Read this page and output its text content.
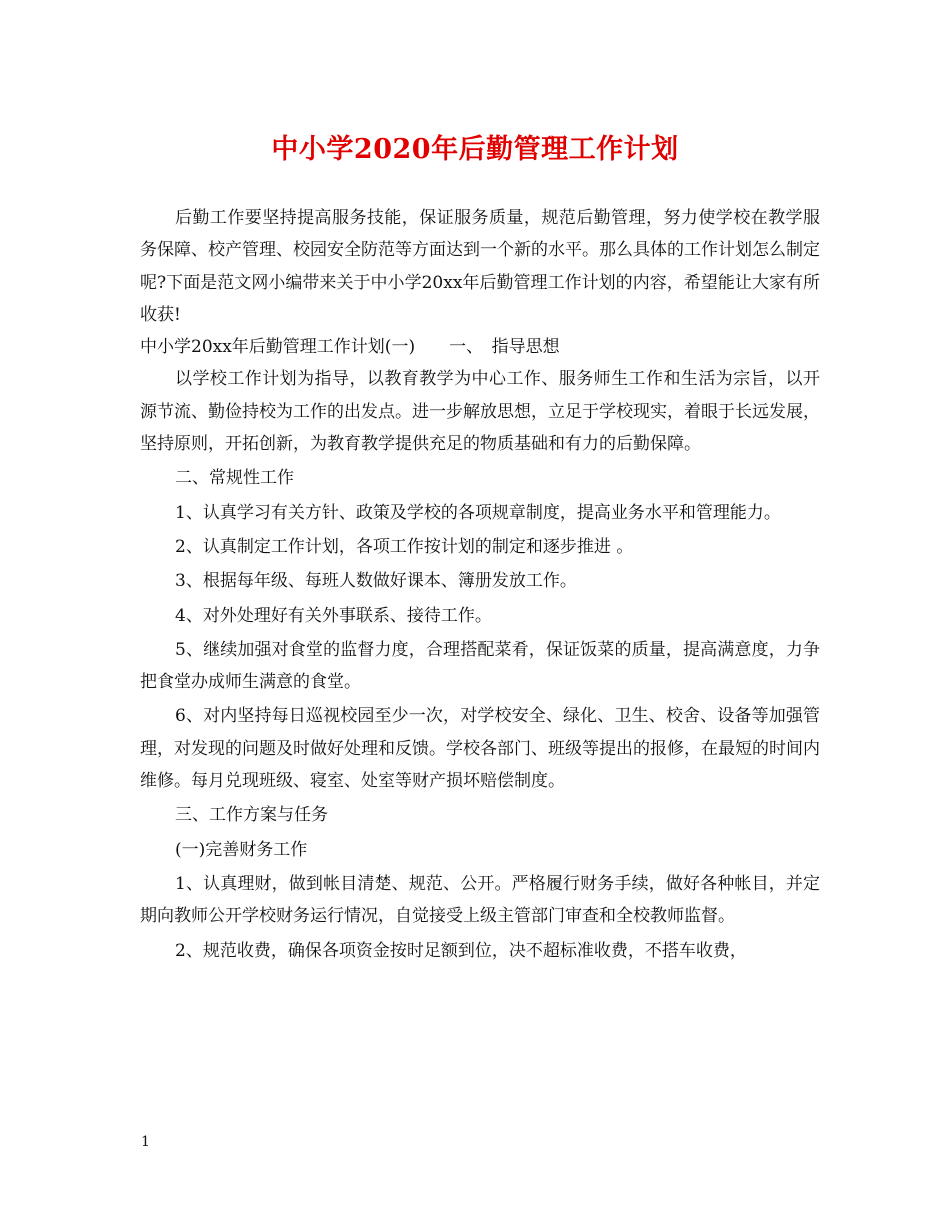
中小学2020年后勤管理工作计划

后勤工作要坚持提高服务技能，保证服务质量，规范后勤管理，努力使学校在教学服务保障、校产管理、校园安全防范等方面达到一个新的水平。那么具体的工作计划怎么制定呢?下面是范文网小编带来关于中小学20xx年后勤管理工作计划的内容，希望能让大家有所收获!

中小学20xx年后勤管理工作计划(一)　　一、　指导思想

以学校工作计划为指导，以教育教学为中心工作、服务师生工作和生活为宗旨，以开源节流、勤俭持校为工作的出发点。进一步解放思想，立足于学校现实，着眼于长远发展，坚持原则，开拓创新，为教育教学提供充足的物质基础和有力的后勤保障。

二、常规性工作

1、认真学习有关方针、政策及学校的各项规章制度，提高业务水平和管理能力。

2、认真制定工作计划，各项工作按计划的制定和逐步推进 。

3、根据每年级、每班人数做好课本、簿册发放工作。

4、对外处理好有关外事联系、接待工作。

5、继续加强对食堂的监督力度，合理搭配菜肴，保证饭菜的质量，提高满意度，力争把食堂办成师生满意的食堂。

6、对内坚持每日巡视校园至少一次，对学校安全、绿化、卫生、校舍、设备等加强管理，对发现的问题及时做好处理和反馈。学校各部门、班级等提出的报修，在最短的时间内维修。每月兑现班级、寝室、处室等财产损坏赔偿制度。

三、工作方案与任务

(一)完善财务工作

1、认真理财，做到帐目清楚、规范、公开。严格履行财务手续，做好各种帐目，并定期向教师公开学校财务运行情况，自觉接受上级主管部门审查和全校教师监督。

2、规范收费，确保各项资金按时足额到位，决不超标准收费，不搭车收费，

1
